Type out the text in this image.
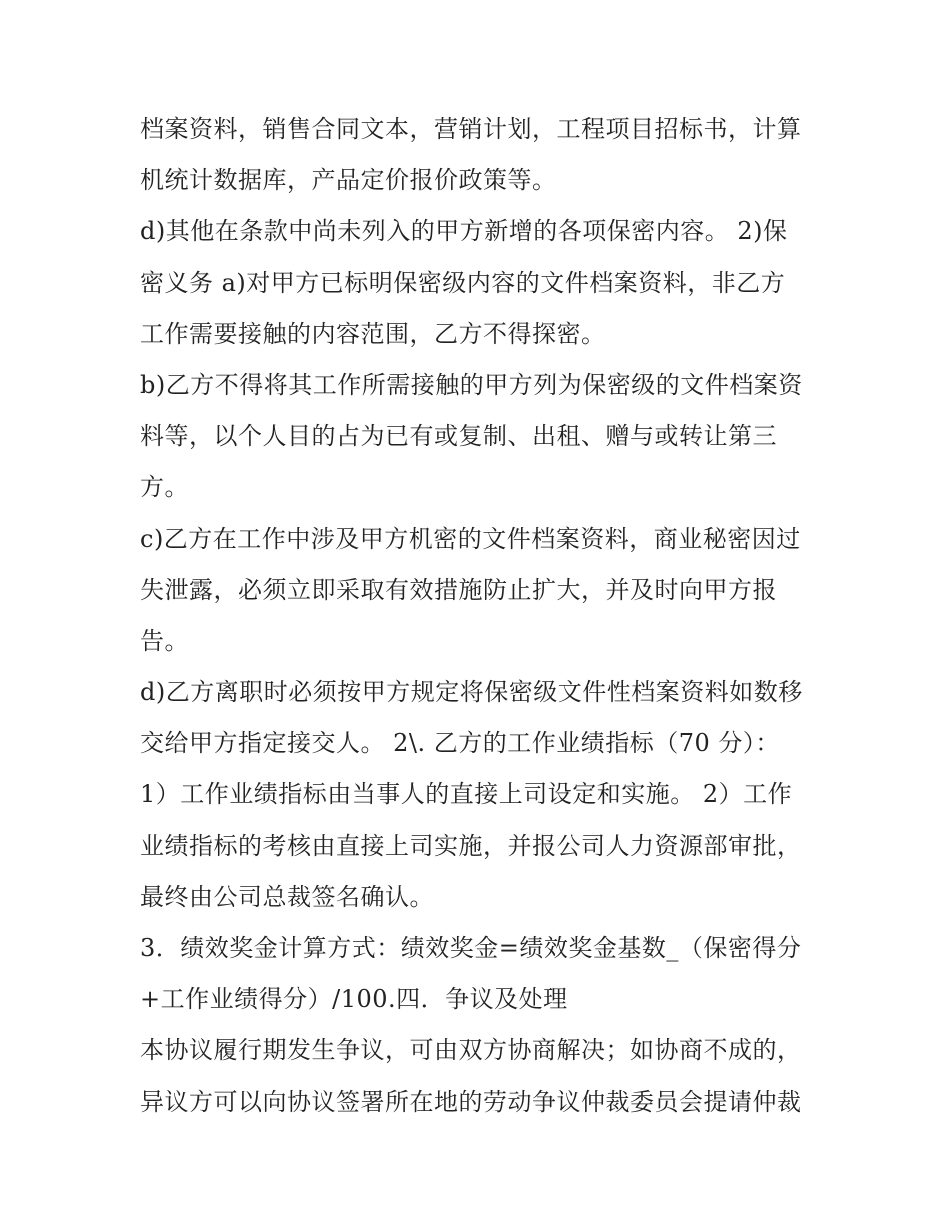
档案资料，销售合同文本，营销计划，工程项目招标书，计算
机统计数据库，产品定价报价政策等。
d)其他在条款中尚未列入的甲方新增的各项保密内容。 2)保
密义务 a)对甲方已标明保密级内容的文件档案资料，非乙方
工作需要接触的内容范围，乙方不得探密。
b)乙方不得将其工作所需接触的甲方列为保密级的文件档案资
料等，以个人目的占为已有或复制、出租、赠与或转让第三
方。
c)乙方在工作中涉及甲方机密的文件档案资料，商业秘密因过
失泄露，必须立即采取有效措施防止扩大，并及时向甲方报
告。
d)乙方离职时必须按甲方规定将保密级文件性档案资料如数移
交给甲方指定接交人。 2\. 乙方的工作业绩指标（70 分）：
1）工作业绩指标由当事人的直接上司设定和实施。 2）工作
业绩指标的考核由直接上司实施，并报公司人力资源部审批，
最终由公司总裁签名确认。
3．绩效奖金计算方式：绩效奖金=绩效奖金基数_（保密得分
+工作业绩得分）/100.四．争议及处理
本协议履行期发生争议，可由双方协商解决；如协商不成的，
异议方可以向协议签署所在地的劳动争议仲裁委员会提请仲裁
